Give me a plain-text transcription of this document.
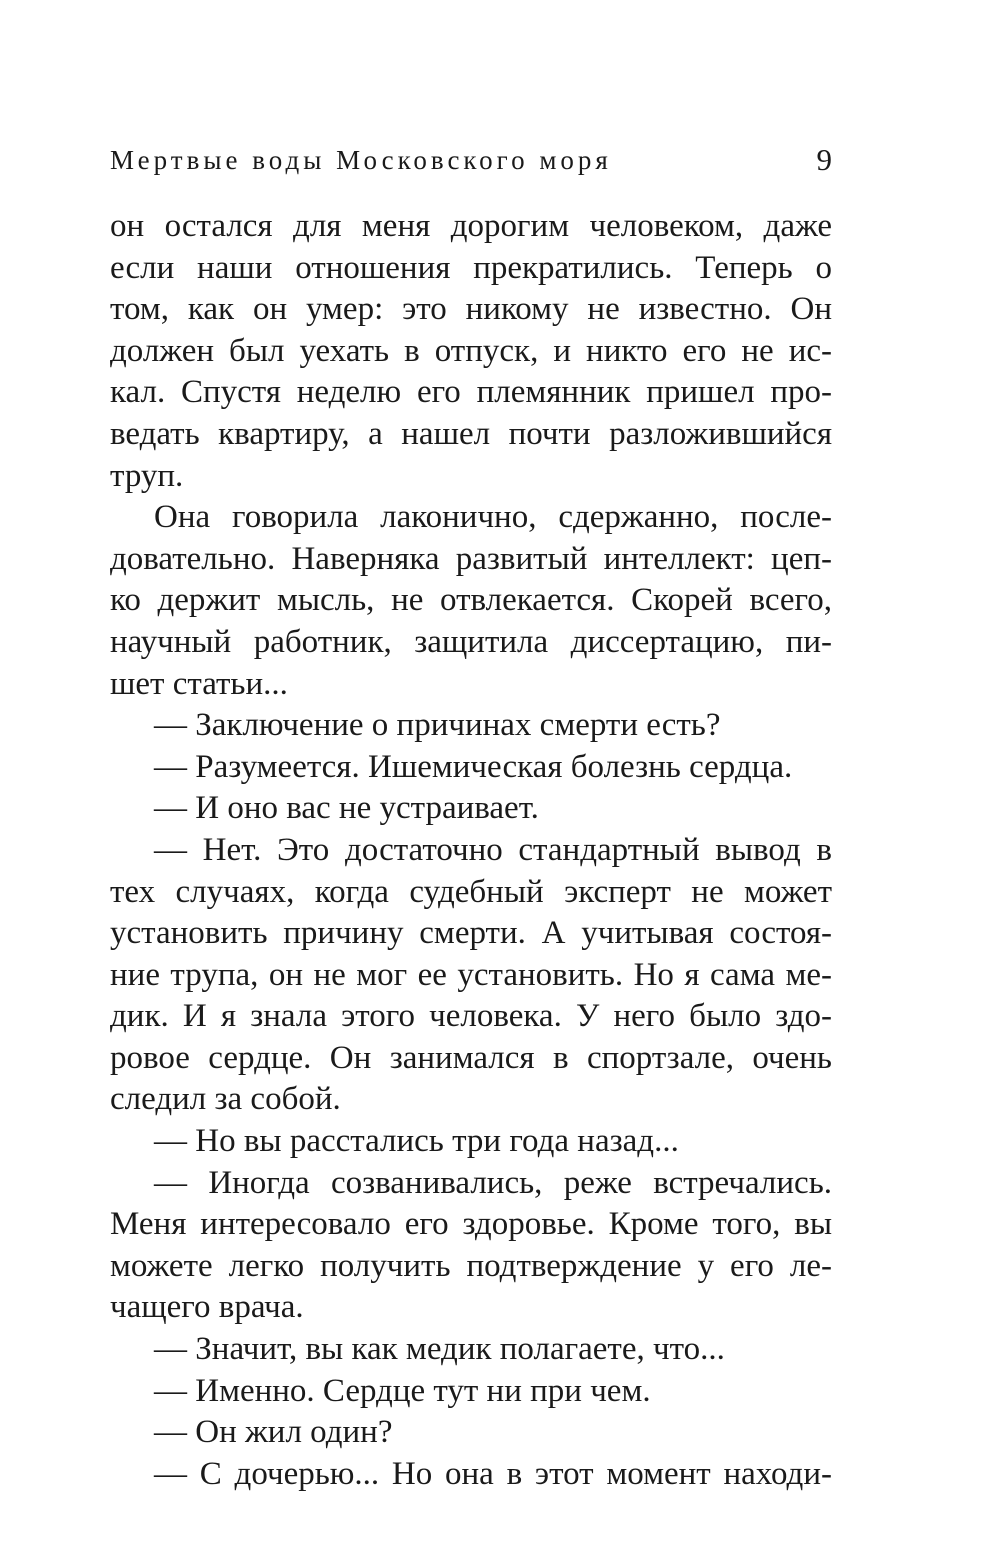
Мертвые воды Московского моря	9
он остался для меня дорогим человеком, даже
если наши отношения прекратились. Теперь о
том, как он умер: это никому не известно. Он
должен был уехать в отпуск, и никто его не ис-
кал. Спустя неделю его племянник пришел про-
ведать квартиру, а нашел почти разложившийся
труп.
Она говорила лаконично, сдержанно, после-
довательно. Наверняка развитый интеллект: цеп-
ко держит мысль, не отвлекается. Скорей всего,
научный работник, защитила диссертацию, пи-
шет статьи...
— Заключение о причинах смерти есть?
— Разумеется. Ишемическая болезнь сердца.
— И оно вас не устраивает.
— Нет. Это достаточно стандартный вывод в
тех случаях, когда судебный эксперт не может
установить причину смерти. А учитывая состоя-
ние трупа, он не мог ее установить. Но я сама ме-
дик. И я знала этого человека. У него было здо-
ровое сердце. Он занимался в спортзале, очень
следил за собой.
— Но вы расстались три года назад...
— Иногда созванивались, реже встречались.
Меня интересовало его здоровье. Кроме того, вы
можете легко получить подтверждение у его ле-
чащего врача.
— Значит, вы как медик полагаете, что...
— Именно. Сердце тут ни при чем.
— Он жил один?
— С дочерью... Но она в этот момент находи-
